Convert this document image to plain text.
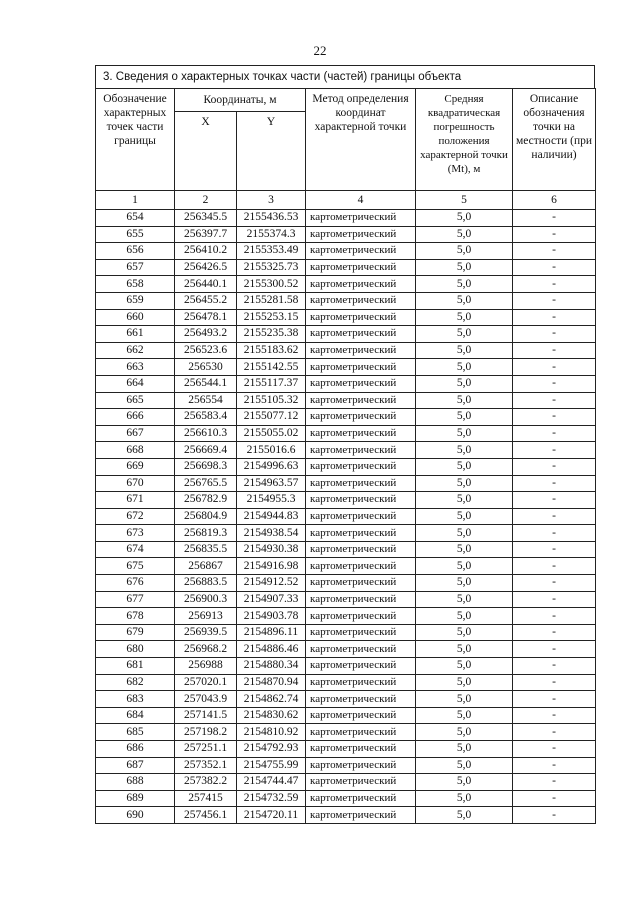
22
3. Сведения о характерных точках части (частей) границы объекта
Обозначение характерных точек части границы	Координаты, м		Метод определения координат характерной точки	Средняя квадратическая погрешность положения характерной точки (Mt), м	Описание обозначения точки на местности (при наличии)
	X	Y			
1	2	3	4	5	6
654	256345.5	2155436.53	картометрический	5,0	-
655	256397.7	2155374.3	картометрический	5,0	-
656	256410.2	2155353.49	картометрический	5,0	-
657	256426.5	2155325.73	картометрический	5,0	-
658	256440.1	2155300.52	картометрический	5,0	-
659	256455.2	2155281.58	картометрический	5,0	-
660	256478.1	2155253.15	картометрический	5,0	-
661	256493.2	2155235.38	картометрический	5,0	-
662	256523.6	2155183.62	картометрический	5,0	-
663	256530	2155142.55	картометрический	5,0	-
664	256544.1	2155117.37	картометрический	5,0	-
665	256554	2155105.32	картометрический	5,0	-
666	256583.4	2155077.12	картометрический	5,0	-
667	256610.3	2155055.02	картометрический	5,0	-
668	256669.4	2155016.6	картометрический	5,0	-
669	256698.3	2154996.63	картометрический	5,0	-
670	256765.5	2154963.57	картометрический	5,0	-
671	256782.9	2154955.3	картометрический	5,0	-
672	256804.9	2154944.83	картометрический	5,0	-
673	256819.3	2154938.54	картометрический	5,0	-
674	256835.5	2154930.38	картометрический	5,0	-
675	256867	2154916.98	картометрический	5,0	-
676	256883.5	2154912.52	картометрический	5,0	-
677	256900.3	2154907.33	картометрический	5,0	-
678	256913	2154903.78	картометрический	5,0	-
679	256939.5	2154896.11	картометрический	5,0	-
680	256968.2	2154886.46	картометрический	5,0	-
681	256988	2154880.34	картометрический	5,0	-
682	257020.1	2154870.94	картометрический	5,0	-
683	257043.9	2154862.74	картометрический	5,0	-
684	257141.5	2154830.62	картометрический	5,0	-
685	257198.2	2154810.92	картометрический	5,0	-
686	257251.1	2154792.93	картометрический	5,0	-
687	257352.1	2154755.99	картометрический	5,0	-
688	257382.2	2154744.47	картометрический	5,0	-
689	257415	2154732.59	картометрический	5,0	-
690	257456.1	2154720.11	картометрический	5,0	-
